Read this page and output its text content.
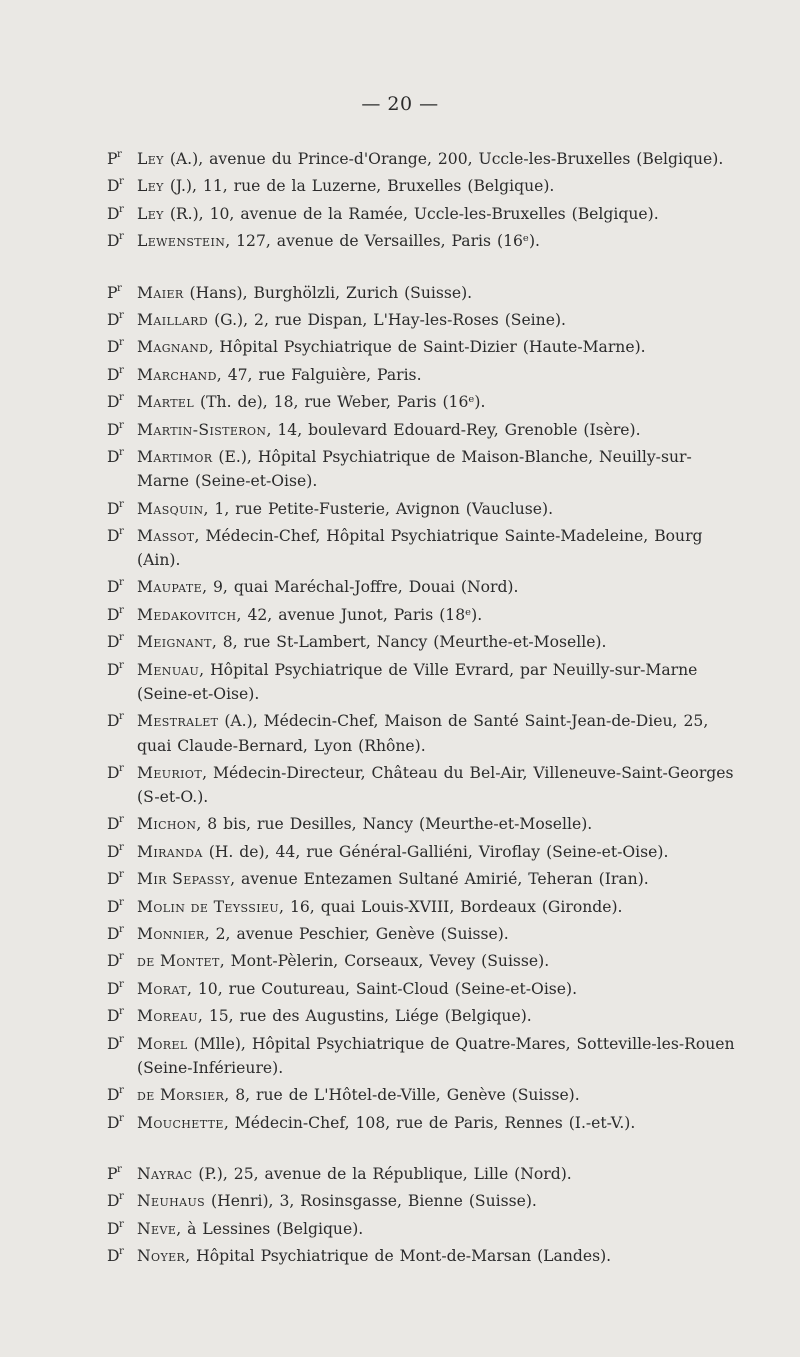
— 20 —
$P^r$ Ley (A.), avenue du Prince-d'Orange, 200, Uccle-les-Bruxelles (Belgique).
$D^r$ Ley (J.), 11, rue de la Luzerne, Bruxelles (Belgique).
$D^r$ Ley (R.), 10, avenue de la Ramée, Uccle-les-Bruxelles (Belgique).
$D^r$ Lewenstein, 127, avenue de Versailles, Paris (16ᵉ).
$P^r$ Maier (Hans), Burghölzli, Zurich (Suisse).
$D^r$ Maillard (G.), 2, rue Dispan, L'Hay-les-Roses (Seine).
$D^r$ Magnand, Hôpital Psychiatrique de Saint-Dizier (Haute-Marne).
$D^r$ Marchand, 47, rue Falguière, Paris.
$D^r$ Martel (Th. de), 18, rue Weber, Paris (16ᵉ).
$D^r$ Martin-Sisteron, 14, boulevard Edouard-Rey, Grenoble (Isère).
$D^r$ Martimor (E.), Hôpital Psychiatrique de Maison-Blanche, Neuilly-sur-Marne (Seine-et-Oise).
$D^r$ Masquin, 1, rue Petite-Fusterie, Avignon (Vaucluse).
$D^r$ Massot, Médecin-Chef, Hôpital Psychiatrique Sainte-Madeleine, Bourg (Ain).
$D^r$ Maupate, 9, quai Maréchal-Joffre, Douai (Nord).
$D^r$ Medakovitch, 42, avenue Junot, Paris (18ᵉ).
$D^r$ Meignant, 8, rue St-Lambert, Nancy (Meurthe-et-Moselle).
$D^r$ Menuau, Hôpital Psychiatrique de Ville Evrard, par Neuilly-sur-Marne (Seine-et-Oise).
$D^r$ Mestralet (A.), Médecin-Chef, Maison de Santé Saint-Jean-de-Dieu, 25, quai Claude-Bernard, Lyon (Rhône).
$D^r$ Meuriot, Médecin-Directeur, Château du Bel-Air, Villeneuve-Saint-Georges (S-et-O.).
$D^r$ Michon, 8 bis, rue Desilles, Nancy (Meurthe-et-Moselle).
$D^r$ Miranda (H. de), 44, rue Général-Galliéni, Viroflay (Seine-et-Oise).
$D^r$ Mir Sepassy, avenue Entezamen Sultané Amirié, Teheran (Iran).
$D^r$ Molin de Teyssieu, 16, quai Louis-XVIII, Bordeaux (Gironde).
$D^r$ Monnier, 2, avenue Peschier, Genève (Suisse).
$D^r$ de Montet, Mont-Pèlerin, Corseaux, Vevey (Suisse).
$D^r$ Morat, 10, rue Coutureau, Saint-Cloud (Seine-et-Oise).
$D^r$ Moreau, 15, rue des Augustins, Liége (Belgique).
$D^r$ Morel (Mlle), Hôpital Psychiatrique de Quatre-Mares, Sotteville-les-Rouen (Seine-Inférieure).
$D^r$ de Morsier, 8, rue de L'Hôtel-de-Ville, Genève (Suisse).
$D^r$ Mouchette, Médecin-Chef, 108, rue de Paris, Rennes (I.-et-V.).
$P^r$ Nayrac (P.), 25, avenue de la République, Lille (Nord).
$D^r$ Neuhaus (Henri), 3, Rosinsgasse, Bienne (Suisse).
$D^r$ Neve, à Lessines (Belgique).
$D^r$ Noyer, Hôpital Psychiatrique de Mont-de-Marsan (Landes).
